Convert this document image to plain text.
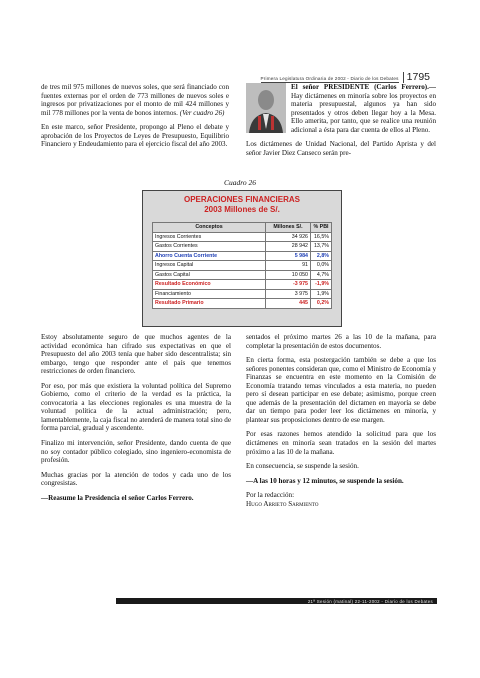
Primera Legislatura Ordinaria de 2002 - Diario de los Debates 1795

de tres mil 975 millones de nuevos soles, que será financiado con fuentes externas por el orden de 773 millones de nuevos soles e ingresos por privatizaciones por el monto de mil 424 millones y mil 778 millones por la venta de bonos internos. (Ver cuadro 26)

En este marco, señor Presidente, propongo al Pleno el debate y aprobación de los Proyectos de Leyes de Presupuesto, Equilibrio Financiero y Endeudamiento para el ejercicio fiscal del año 2003.

El señor PRESIDENTE (Carlos Ferrero).— Hay dictámenes en minoría sobre los proyectos en materia presupuestal, algunos ya han sido presentados y otros deben llegar hoy a la Mesa. Ello amerita, por tanto, que se realice una reunión adicional a ésta para dar cuenta de ellos al Pleno.

Los dictámenes de Unidad Nacional, del Partido Aprista y del señor Javier Diez Canseco serán pre-

Cuadro 26
OPERACIONES FINANCIERAS
2003 Millones de S/.
Conceptos	Millones S/.	% PBI
Ingresos Corrientes	34 926	16,5%
Gastos Corrientes	28 942	13,7%
Ahorro Cuenta Corriente	5 984	2,8%
Ingresos Capital	91	0,0%
Gastos Capital	10 050	4,7%
Resultado Económico	-3 975	-1,9%
Financiamiento	3 975	1,9%
Resultado Primario	445	0,2%

Estoy absolutamente seguro de que muchos agentes de la actividad económica han cifrado sus expectativas en que el Presupuesto del año 2003 tenía que haber sido descentralista; sin embargo, tengo que responder ante el país que tenemos restricciones de orden financiero.

Por eso, por más que existiera la voluntad política del Supremo Gobierno, como el criterio de la verdad es la práctica, la convocatoria a las elecciones regionales es una muestra de la voluntad política de la actual administración; pero, lamentablemente, la caja fiscal no atenderá de manera total sino de forma parcial, gradual y ascendente.

Finalizo mi intervención, señor Presidente, dando cuenta de que no soy contador público colegiado, sino ingeniero-economista de profesión.

Muchas gracias por la atención de todos y cada uno de los congresistas.

—Reasume la Presidencia el señor Carlos Ferrero.

sentados el próximo martes 26 a las 10 de la mañana, para completar la presentación de estos documentos.

En cierta forma, esta postergación también se debe a que los señores ponentes consideran que, como el Ministro de Economía y Finanzas se encuentra en este momento en la Comisión de Economía tratando temas vinculados a esta materia, no pueden pero sí desean participar en ese debate; asimismo, porque creen que además de la presentación del dictamen en mayoría se debe dar un tiempo para poder leer los dictámenes en minoría, y plantear sus proposiciones dentro de ese margen.

Por esas razones hemos atendido la solicitud para que los dictámenes en minoría sean tratados en la sesión del martes próximo a las 10 de la mañana.

En consecuencia, se suspende la sesión.

—A las 10 horas y 12 minutos, se suspende la sesión.

Por la redacción:

Hugo Arrieto Sarmiento

21ª Sesión (matinal) 22-11-2002 - Diario de los Debates
